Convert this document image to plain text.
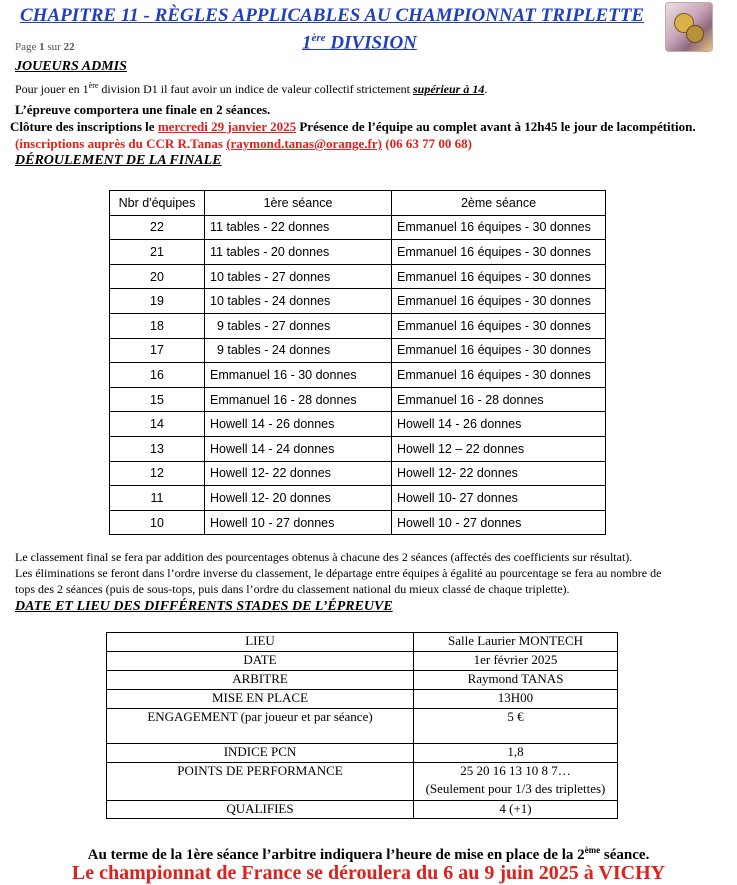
CHAPITRE 11 - RÈGLES APPLICABLES AU CHAMPIONNAT TRIPLETTE
1ère DIVISION
Page 1 sur 22
JOUEURS ADMIS
Pour jouer en 1ère division D1 il faut avoir un indice de valeur collectif strictement supérieur à 14.
L’épreuve comportera une finale en 2 séances.
Clôture des inscriptions le mercredi 29 janvier 2025 Présence de l’équipe au complet avant à 12h45 le jour de lacompétition.
(inscriptions auprès du CCR R.Tanas (raymond.tanas@orange.fr) (06 63 77 00 68)
DÉROULEMENT DE LA FINALE
Nbr d'équipes	1ère séance	2ème séance
22	11 tables - 22 donnes	Emmanuel 16 équipes - 30 donnes
21	11 tables - 20 donnes	Emmanuel 16 équipes - 30 donnes
20	10 tables - 27 donnes	Emmanuel 16 équipes - 30 donnes
19	10 tables - 24 donnes	Emmanuel 16 équipes - 30 donnes
18	9 tables - 27 donnes	Emmanuel 16 équipes - 30 donnes
17	9 tables - 24 donnes	Emmanuel 16 équipes - 30 donnes
16	Emmanuel 16 - 30 donnes	Emmanuel 16 équipes - 30 donnes
15	Emmanuel 16 - 28 donnes	Emmanuel 16 - 28 donnes
14	Howell 14 - 26 donnes	Howell 14 - 26 donnes
13	Howell 14 - 24 donnes	Howell 12 – 22 donnes
12	Howell 12- 22 donnes	Howell 12- 22 donnes
11	Howell 12- 20 donnes	Howell 10- 27 donnes
10	Howell 10 - 27 donnes	Howell 10 - 27 donnes
Le classement final se fera par addition des pourcentages obtenus à chacune des 2 séances (affectés des coefficients sur résultat).
Les éliminations se feront dans l’ordre inverse du classement, le départage entre équipes à égalité au pourcentage se fera au nombre de
tops des 2 séances (puis de sous-tops, puis dans l’ordre du classement national du mieux classé de chaque triplette).
DATE ET LIEU DES DIFFÉRENTS STADES DE L’ÉPREUVE
LIEU	Salle Laurier MONTECH

DATE	1er février 2025

ARBITRE	Raymond TANAS

MISE EN PLACE	13H00

ENGAGEMENT (par joueur et par séance)	5 €

INDICE PCN	1,8

POINTS DE PERFORMANCE	25 20 16 13 10 8 7…
(Seulement pour 1/3 des triplettes)

QUALIFIES	4 (+1)
Au terme de la 1ère séance l’arbitre indiquera l’heure de mise en place de la 2ème séance.
Le championnat de France se déroulera du 6 au 9 juin 2025 à VICHY
